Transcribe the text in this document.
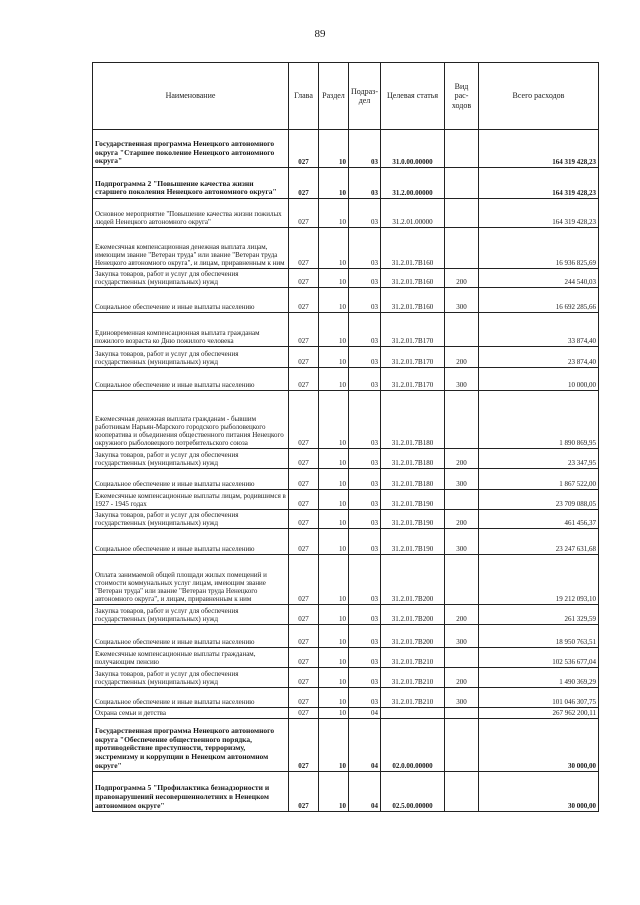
89
Наименование	Глава	Раздел	Подраз-дел	Целевая статья	Вид рас-ходов	Всего расходов
Государственная программа Ненецкого автономного округа "Старшее поколение Ненецкого автономного округа"	027	10	03	31.0.00.00000		164 319 428,23
Подпрограмма 2 "Повышение качества жизни старшего поколения Ненецкого автономного округа"	027	10	03	31.2.00.00000		164 319 428,23
Основное мероприятие "Повышение качества жизни пожилых людей Ненецкого автономного округа"	027	10	03	31.2.01.00000		164 319 428,23
Ежемесячная компенсационная денежная выплата лицам, имеющим звание "Ветеран труда" или звание "Ветеран труда Ненецкого автономного округа", и лицам, приравненным к ним	027	10	03	31.2.01.7В160		16 936 825,69
Закупка товаров, работ и услуг для обеспечения государственных (муниципальных) нужд	027	10	03	31.2.01.7В160	200	244 540,03
Социальное обеспечение и иные выплаты населению	027	10	03	31.2.01.7В160	300	16 692 285,66
Единовременная компенсационная выплата гражданам пожилого возраста ко Дню пожилого человека	027	10	03	31.2.01.7В170		33 874,40
Закупка товаров, работ и услуг для обеспечения государственных (муниципальных) нужд	027	10	03	31.2.01.7В170	200	23 874,40
Социальное обеспечение и иные выплаты населению	027	10	03	31.2.01.7В170	300	10 000,00
Ежемесячная денежная выплата гражданам - бывшим работникам Нарьян-Марского городского рыболовецкого кооператива и объединения общественного питания Ненецкого окружного рыболовецкого потребительского союза	027	10	03	31.2.01.7В180		1 890 869,95
Закупка товаров, работ и услуг для обеспечения государственных (муниципальных) нужд	027	10	03	31.2.01.7В180	200	23 347,95
Социальное обеспечение и иные выплаты населению	027	10	03	31.2.01.7В180	300	1 867 522,00
Ежемесячные компенсационные выплаты лицам, родившимся в 1927 - 1945 годах	027	10	03	31.2.01.7В190		23 709 088,05
Закупка товаров, работ и услуг для обеспечения государственных (муниципальных) нужд	027	10	03	31.2.01.7В190	200	461 456,37
Социальное обеспечение и иные выплаты населению	027	10	03	31.2.01.7В190	300	23 247 631,68
Оплата занимаемой общей площади жилых помещений и стоимости коммунальных услуг лицам, имеющим звание "Ветеран труда" или звание "Ветеран труда Ненецкого автономного округа", и лицам, приравненным к ним	027	10	03	31.2.01.7В200		19 212 093,10
Закупка товаров, работ и услуг для обеспечения государственных (муниципальных) нужд	027	10	03	31.2.01.7В200	200	261 329,59
Социальное обеспечение и иные выплаты населению	027	10	03	31.2.01.7В200	300	18 950 763,51
Ежемесячные компенсационные выплаты гражданам, получающим пенсию	027	10	03	31.2.01.7В210		102 536 677,04
Закупка товаров, работ и услуг для обеспечения государственных (муниципальных) нужд	027	10	03	31.2.01.7В210	200	1 490 369,29
Социальное обеспечение и иные выплаты населению	027	10	03	31.2.01.7В210	300	101 046 307,75
Охрана семьи и детства	027	10	04			267 962 200,11
Государственная программа Ненецкого автономного округа "Обеспечение общественного порядка, противодействие преступности, терроризму, экстремизму и коррупции в Ненецком автономном округе"	027	10	04	02.0.00.00000		30 000,00
Подпрограмма 5 "Профилактика безнадзорности и правонарушений несовершеннолетних в Ненецком автономном округе"	027	10	04	02.5.00.00000		30 000,00
